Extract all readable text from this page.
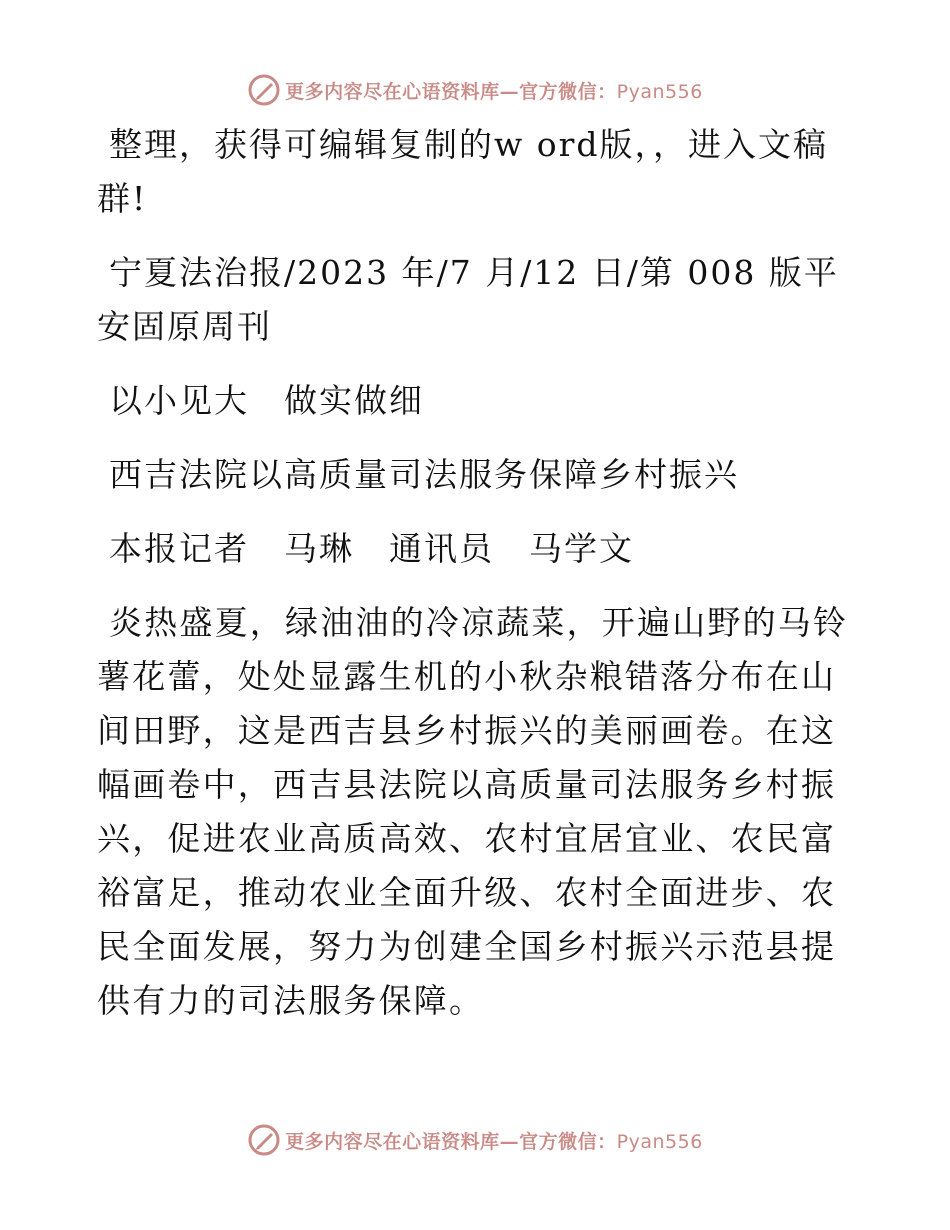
更多内容尽在心语资料库—官方微信：Pyan556

整理，获得可编辑复制的w ord版，，进入文稿群!

宁夏法治报/2023 年/7 月/12 日/第 008 版平安固原周刊

以小见大　做实做细

西吉法院以高质量司法服务保障乡村振兴

本报记者　马琳　通讯员　马学文

炎热盛夏，绿油油的冷凉蔬菜，开遍山野的马铃薯花蕾，处处显露生机的小秋杂粮错落分布在山间田野，这是西吉县乡村振兴的美丽画卷。在这幅画卷中，西吉县法院以高质量司法服务乡村振兴，促进农业高质高效、农村宜居宜业、农民富裕富足，推动农业全面升级、农村全面进步、农民全面发展，努力为创建全国乡村振兴示范县提供有力的司法服务保障。

更多内容尽在心语资料库—官方微信：Pyan556
